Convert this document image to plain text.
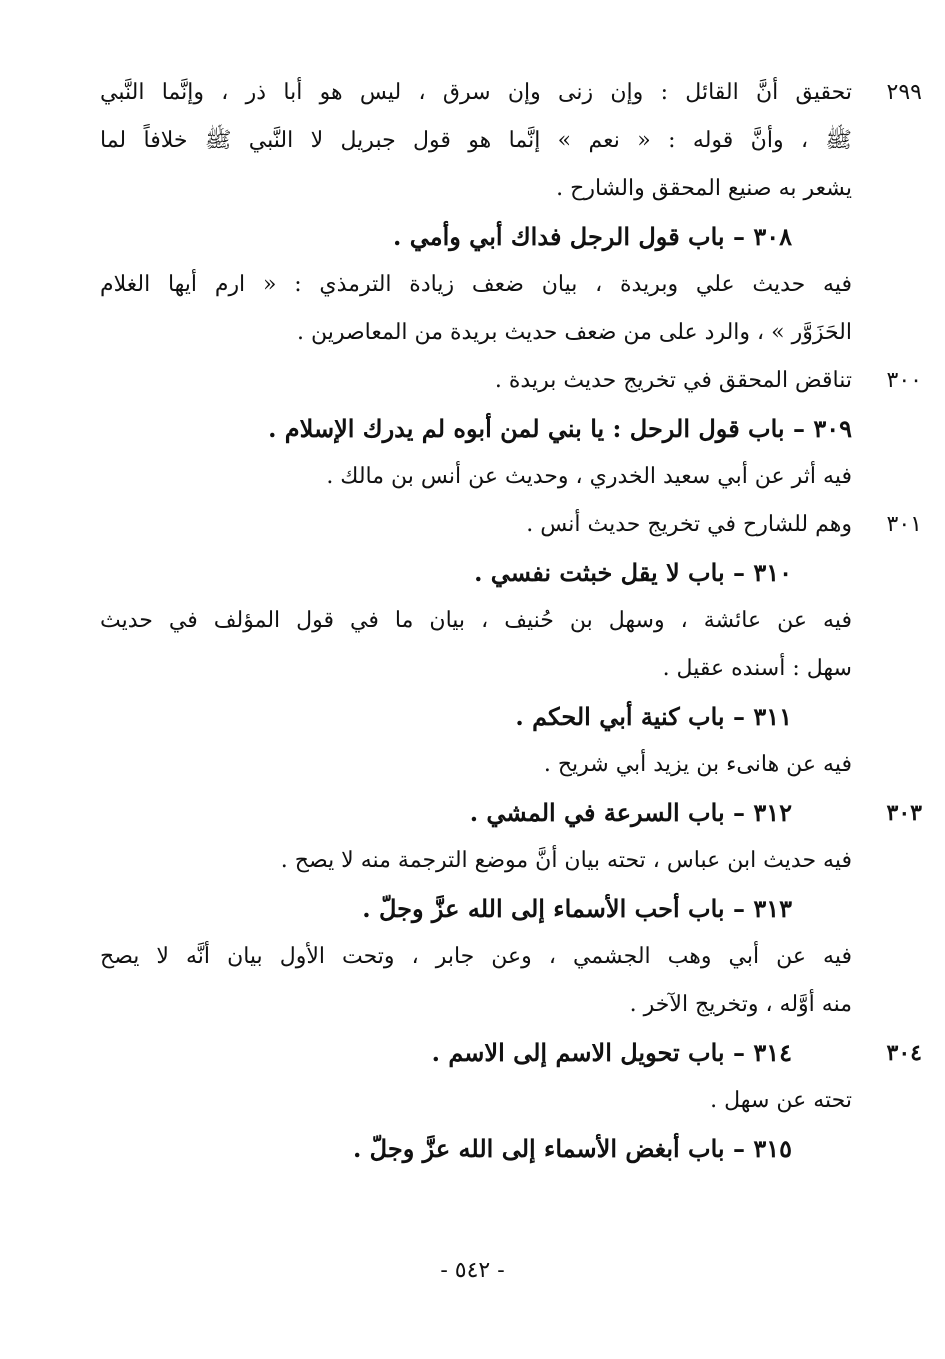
٢٩٩
تحقيق أنَّ القائل : وإن زنى وإن سرق ، ليس هو أبا ذر ، وإنَّما النَّبي
ﷺ ، وأنَّ قوله : « نعم » إنَّما هو قول جبريل لا النَّبي ﷺ خلافاً لما
يشعر به صنيع المحقق والشارح .
٣٠٨ – باب قول الرجل فداك أبي وأمي .
فيه حديث علي وبريدة ، بيان ضعف زيادة الترمذي : « ارم أيها الغلام
الحَزَوَّر » ، والرد على من ضعف حديث بريدة من المعاصرين .
٣٠٠
تناقض المحقق في تخريج حديث بريدة .
٣٠٩ – باب قول الرحل : يا بني لمن أبوه لم يدرك الإسلام .
فيه أثر عن أبي سعيد الخدري ، وحديث عن أنس بن مالك .
٣٠١
وهم للشارح في تخريج حديث أنس .
٣١٠ – باب لا يقل خبثت نفسي .
فيه عن عائشة ، وسهل بن حُنيف ، بيان ما في قول المؤلف في حديث
سهل : أسنده عقيل .
٣١١ – باب كنية أبي الحكم .
فيه عن هانىء بن يزيد أبي شريح .
٣٠٣
٣١٢ – باب السرعة في المشي .
فيه حديث ابن عباس ، تحته بيان أنَّ موضع الترجمة منه لا يصح .
٣١٣ – باب أحب الأسماء إلى الله عزَّ وجلّ .
فيه عن أبي وهب الجشمي ، وعن جابر ، وتحت الأول بيان أنَّه لا يصح
منه أوَّله ، وتخريج الآخر .
٣٠٤
٣١٤ – باب تحويل الاسم إلى الاسم .
تحته عن سهل .
٣١٥ – باب أبغض الأسماء إلى الله عزَّ وجلّ .
- ٥٤٢ -
